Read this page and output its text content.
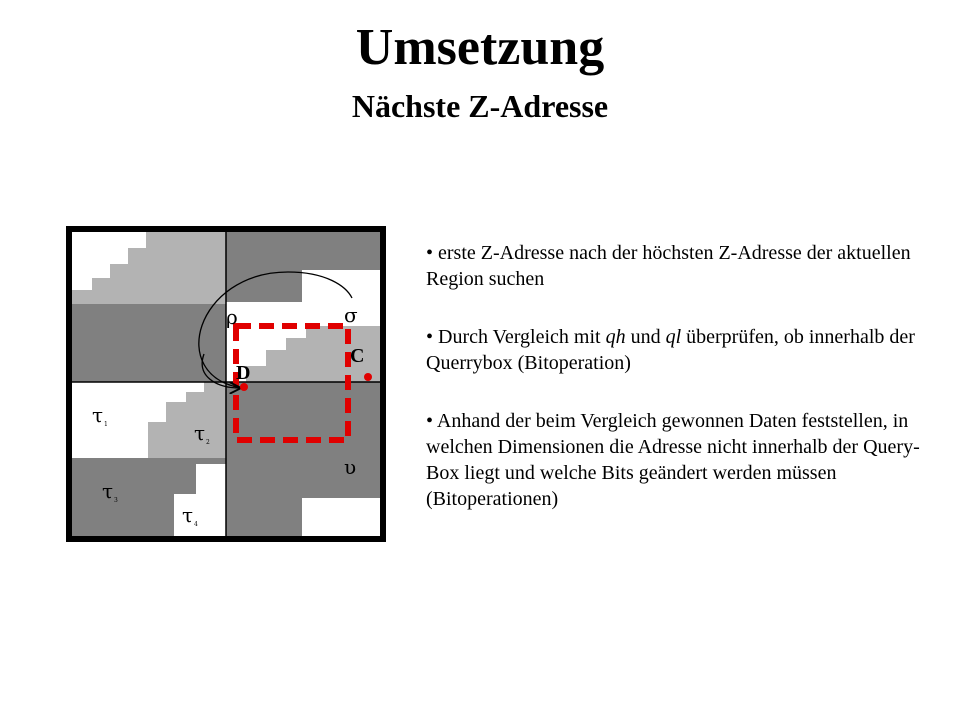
Umsetzung
Nächste Z-Adresse
ρ	σ
C
D
υ
τ 1	τ 2
τ 3
τ 4
• erste Z-Adresse nach der höchsten Z-Adresse der aktuellen Region suchen
• Durch Vergleich mit qh und ql überprüfen, ob innerhalb der Querrybox (Bitoperation)
• Anhand der beim Vergleich gewonnen Daten feststellen, in welchen Dimensionen die Adresse nicht innerhalb der Query-Box liegt und welche Bits geändert werden müssen (Bitoperationen)
